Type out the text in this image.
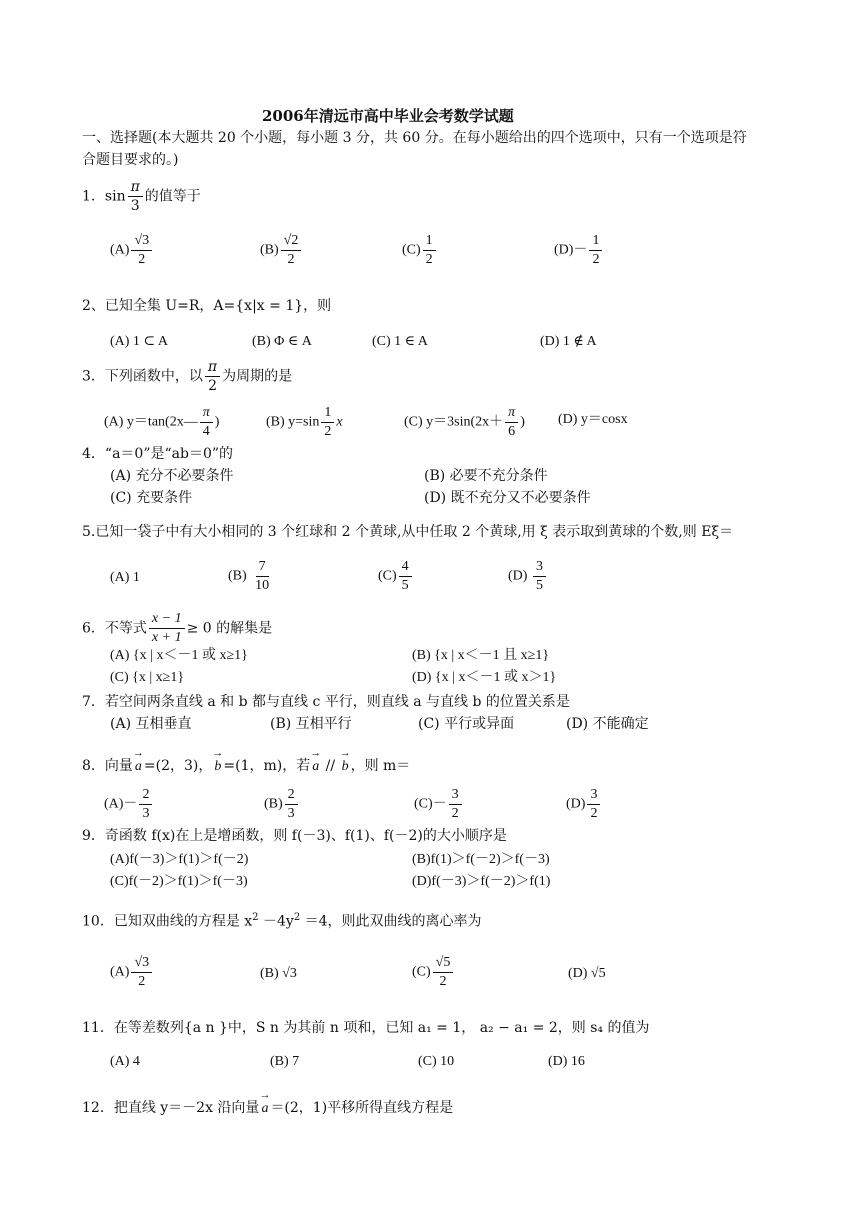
2006年清远市高中毕业会考数学试题
一、选择题(本大题共 20 个小题，每小题 3 分，共 60 分。在每小题给出的四个选项中，只有一个选项是符
合题目要求的。)
1．$\sin \frac{\pi}{3}$ 的值等于
$(A) \frac{√3}{2}$	$(B) \frac{√2}{2}$	$(C) \frac{1}{2}$	$(D)- \frac{1}{2}$
2、已知全集 U=R，A={x|x = 1}，则
(A) 1 ⊂ A	(B) Φ ∈ A	(C) 1 ∈ A	(D) 1 ∉ A
3．下列函数中，以 $\frac{\pi}{2}$ 为周期的是
(A) y＝tan(2x— $\frac{\pi}{4}$ )	(B) $y=\sin \frac{1}{2}$ x	(C) $y=3\sin(2x+ \frac{\pi}{6}$ ) (D) y＝cosx
4．“a＝0”是“ab＝0”的
(A) 充分不必要条件	(B) 必要不充分条件
(C) 充要条件	(D) 既不充分又不必要条件
5.已知一袋子中有大小相同的 3 个红球和 2 个黄球,从中任取 2 个黄球,用 ξ 表示取到黄球的个数,则 Eξ＝
(A) 1	$(B) \frac{7}{10}$	$(C) \frac{4}{5}$	$(D) \frac{3}{5}$
6．不等式 $\frac{x - 1}{x + 1} \ge 0$ 的解集是
(A) {x | x＜－1 或 x≥1}	(B) {x | x＜－1 且 x≥1}
(C) {x | x≥1}	(D) {x | x＜－1 或 x＞1}
7．若空间两条直线 a 和 b 都与直线 c 平行，则直线 a 与直线 b 的位置关系是
(A) 互相垂直	(B) 互相平行	(C) 平行或异面	(D) 不能确定
8．向量
→
a =(2，3)，
→
b =(1，m)，若
→
a //
→
b ，则 m＝
$(A)- \frac{2}{3}$	$(B) \frac{2}{3}$	$(C)- \frac{3}{2}$	$(D) \frac{3}{2}$
9．奇函数 f(x)在上是增函数，则 f(－3)、f(1)、f(－2)的大小顺序是
(A)f(－3)＞f(1)＞f(－2)	(B)f(1)＞f(－2)＞f(－3)
(C)f(－2)＞f(1)＞f(－3)	(D)f(－3)＞f(－2)＞f(1)
10．已知双曲线的方程是 $x^2 -4y^2 =4$，则此双曲线的离心率为
$(A) \frac{√3}{2}$	(B) √3	$(C) \frac{√5}{2}$	(D) √5
11．在等差数列{a n }中，S n 为其前 n 项和，已知 a₁ = 1， a₂ − a₁ = 2，则 s₄ 的值为
(A) 4	(B) 7	(C) 10	(D) 16
12．把直线 y＝－2x 沿向量
→
a ＝(2，1)平移所得直线方程是
